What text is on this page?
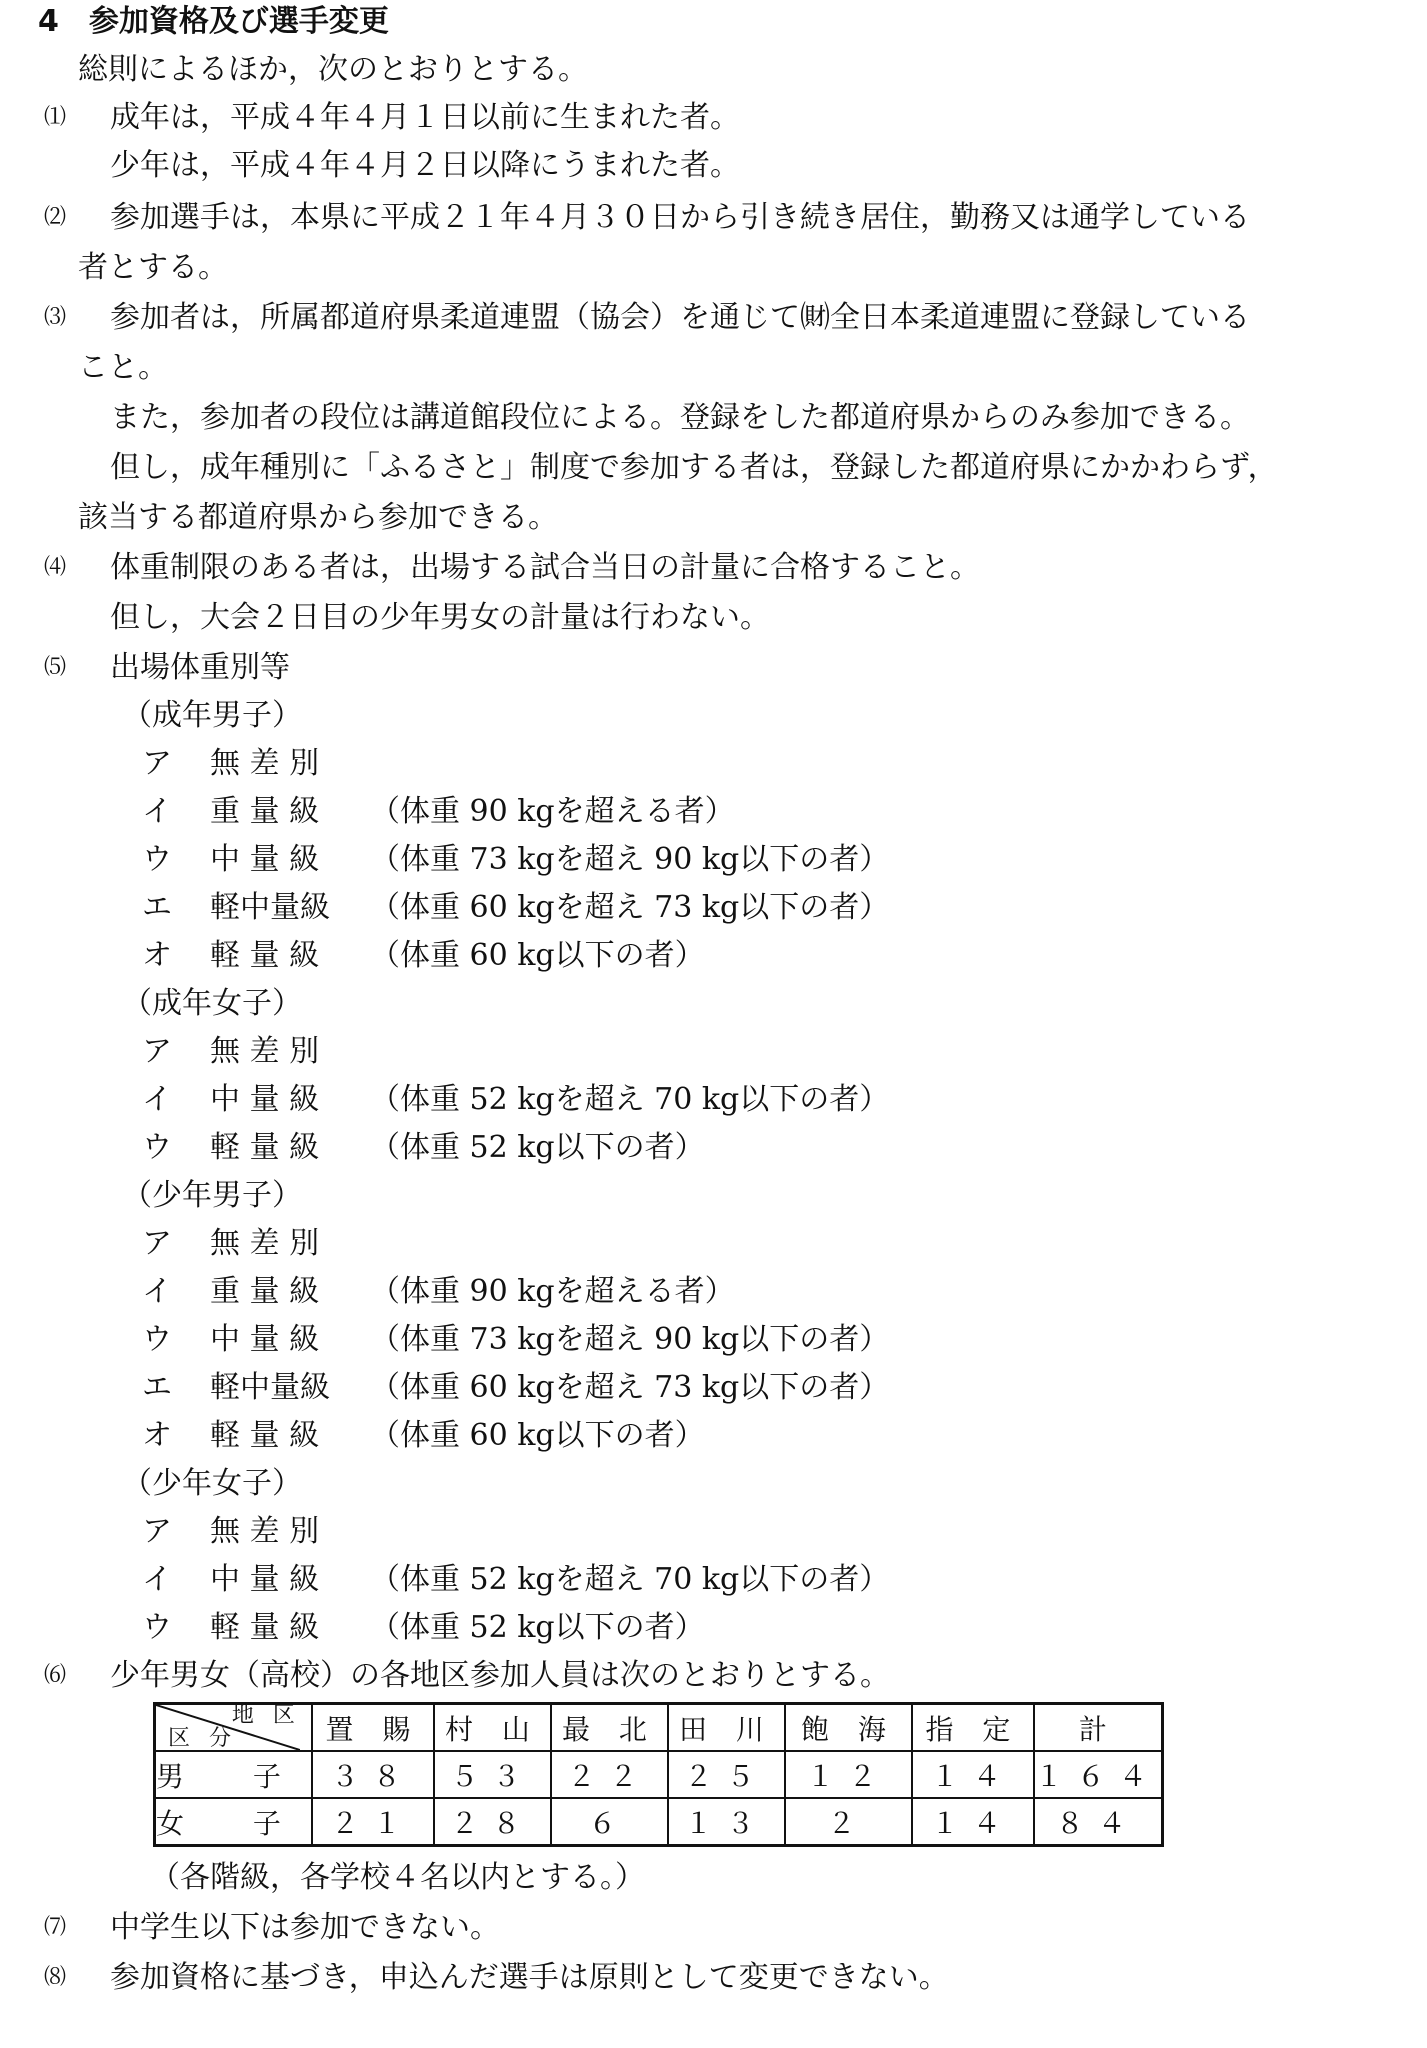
4 参加資格及び選手変更
総則によるほか，次のとおりとする。
⑴ 成年は，平成４年４月１日以前に生まれた者。
少年は，平成４年４月２日以降にうまれた者。
⑵ 参加選手は，本県に平成２１年４月３０日から引き続き居住，勤務又は通学している
者とする。
⑶ 参加者は，所属都道府県柔道連盟（協会）を通じて㈶全日本柔道連盟に登録している
こと。
また，参加者の段位は講道館段位による。登録をした都道府県からのみ参加できる。
但し，成年種別に「ふるさと」制度で参加する者は，登録した都道府県にかかわらず，
該当する都道府県から参加できる。
⑷ 体重制限のある者は，出場する試合当日の計量に合格すること。
但し，大会２日目の少年男女の計量は行わない。
⑸ 出場体重別等
（成年男子）
ア 無 差 別
イ 重 量 級 （体重 90 kgを超える者）
ウ 中 量 級 （体重 73 kgを超え 90 kg以下の者）
エ 軽中量級 （体重 60 kgを超え 73 kg以下の者）
オ 軽 量 級 （体重 60 kg以下の者）
（成年女子）
ア 無 差 別
イ 中 量 級 （体重 52 kgを超え 70 kg以下の者）
ウ 軽 量 級 （体重 52 kg以下の者）
（少年男子）
ア 無 差 別
イ 重 量 級 （体重 90 kgを超える者）
ウ 中 量 級 （体重 73 kgを超え 90 kg以下の者）
エ 軽中量級 （体重 60 kgを超え 73 kg以下の者）
オ 軽 量 級 （体重 60 kg以下の者）
（少年女子）
ア 無 差 別
イ 中 量 級 （体重 52 kgを超え 70 kg以下の者）
ウ 軽 量 級 （体重 52 kg以下の者）
⑹ 少年男女（高校）の各地区参加人員は次のとおりとする。
地 区
区 分	置 賜	村 山	最 北	田 川	飽 海	指 定	計
男 子	３８	５３	２２	２５	１２	１４	１６４
女 子	２１	２８	６	１３	２	１４	８４
（各階級，各学校４名以内とする。）
⑺ 中学生以下は参加できない。
⑻ 参加資格に基づき，申込んだ選手は原則として変更できない。
